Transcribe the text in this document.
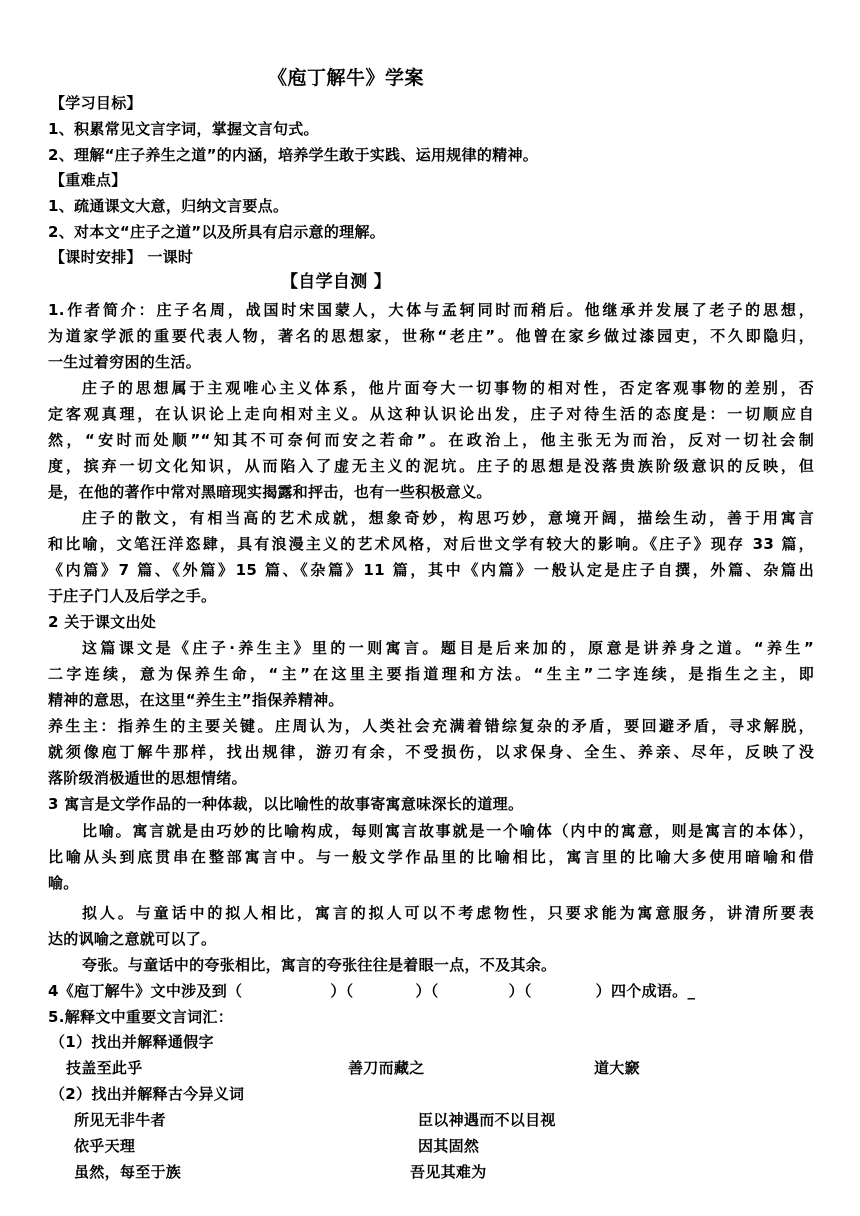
《庖丁解牛》学案
【学习目标】
1、积累常见文言字词，掌握文言句式。
2、理解“庄子养生之道”的内涵，培养学生敢于实践、运用规律的精神。
【重难点】
1、疏通课文大意，归纳文言要点。
2、对本文“庄子之道”以及所具有启示意的理解。
【课时安排】 一课时
【自学自测 】
1.作者简介：庄子名周，战国时宋国蒙人，大体与孟轲同时而稍后。他继承并发展了老子的思想，
为道家学派的重要代表人物，著名的思想家，世称“老庄”。他曾在家乡做过漆园吏，不久即隐归，
一生过着穷困的生活。
庄子的思想属于主观唯心主义体系，他片面夸大一切事物的相对性，否定客观事物的差别，否
定客观真理，在认识论上走向相对主义。从这种认识论出发，庄子对待生活的态度是：一切顺应自
然，“安时而处顺”“知其不可奈何而安之若命”。在政治上，他主张无为而治，反对一切社会制
度，摈弃一切文化知识，从而陷入了虚无主义的泥坑。庄子的思想是没落贵族阶级意识的反映，但
是，在他的著作中常对黑暗现实揭露和抨击，也有一些积极意义。
庄子的散文，有相当高的艺术成就，想象奇妙，构思巧妙，意境开阔，描绘生动，善于用寓言
和比喻，文笔汪洋恣肆，具有浪漫主义的艺术风格，对后世文学有较大的影响。《庄子》现存 33 篇，
《内篇》7 篇、《外篇》15 篇、《杂篇》11 篇，其中《内篇》一般认定是庄子自撰，外篇、杂篇出
于庄子门人及后学之手。
2 关于课文出处
这篇课文是《庄子·养生主》里的一则寓言。题目是后来加的，原意是讲养身之道。“养生”
二字连续，意为保养生命，“主”在这里主要指道理和方法。“生主”二字连续，是指生之主，即
精神的意思，在这里“养生主”指保养精神。
养生主：指养生的主要关键。庄周认为，人类社会充满着错综复杂的矛盾，要回避矛盾，寻求解脱，
就须像庖丁解牛那样，找出规律，游刃有余，不受损伤，以求保身、全生、养亲、尽年，反映了没
落阶级消极遁世的思想情绪。
3 寓言是文学作品的一种体裁，以比喻性的故事寄寓意味深长的道理。
比喻。寓言就是由巧妙的比喻构成，每则寓言故事就是一个喻体（内中的寓意，则是寓言的本体），
比喻从头到底贯串在整部寓言中。与一般文学作品里的比喻相比，寓言里的比喻大多使用暗喻和借
喻。
拟人。与童话中的拟人相比，寓言的拟人可以不考虑物性，只要求能为寓意服务，讲清所要表
达的讽喻之意就可以了。
夸张。与童话中的夸张相比，寓言的夸张往往是着眼一点，不及其余。
4《庖丁解牛》文中涉及到（	）（	）（	）（	）四个成语。_
5.解释文中重要文言词汇：
（1）找出并解释通假字
技盖至此乎	善刀而藏之	道大窾
（2）找出并解释古今异义词
所见无非牛者	臣以神遇而不以目视
依乎天理	因其固然
虽然，每至于族	吾见其难为
